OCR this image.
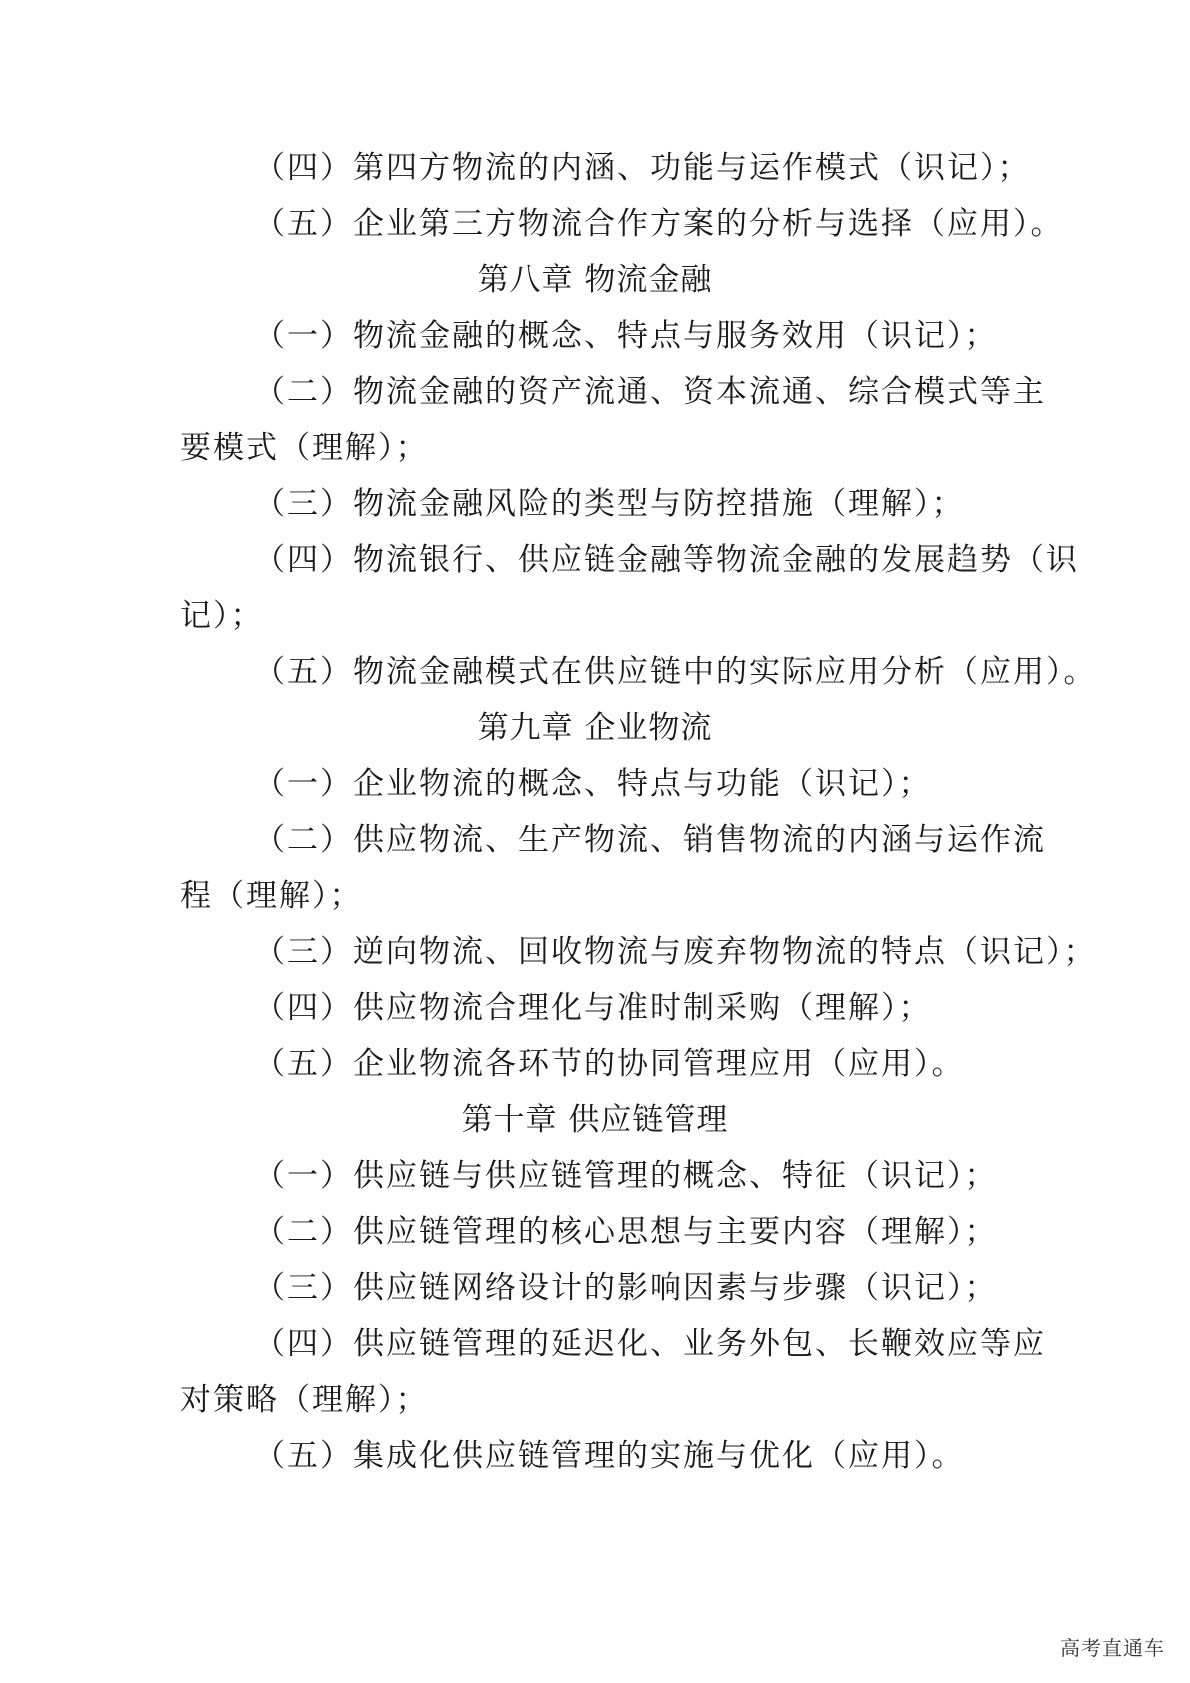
（四）第四方物流的内涵、功能与运作模式（识记）；
（五）企业第三方物流合作方案的分析与选择（应用）。
第八章 物流金融
（一）物流金融的概念、特点与服务效用（识记）；
（二）物流金融的资产流通、资本流通、综合模式等主
要模式（理解）；
（三）物流金融风险的类型与防控措施（理解）；
（四）物流银行、供应链金融等物流金融的发展趋势（识
记）；
（五）物流金融模式在供应链中的实际应用分析（应用）。
第九章 企业物流
（一）企业物流的概念、特点与功能（识记）；
（二）供应物流、生产物流、销售物流的内涵与运作流
程（理解）；
（三）逆向物流、回收物流与废弃物物流的特点（识记）；
（四）供应物流合理化与准时制采购（理解）；
（五）企业物流各环节的协同管理应用（应用）。
第十章 供应链管理
（一）供应链与供应链管理的概念、特征（识记）；
（二）供应链管理的核心思想与主要内容（理解）；
（三）供应链网络设计的影响因素与步骤（识记）；
（四）供应链管理的延迟化、业务外包、长鞭效应等应
对策略（理解）；
（五）集成化供应链管理的实施与优化（应用）。
高考直通车
